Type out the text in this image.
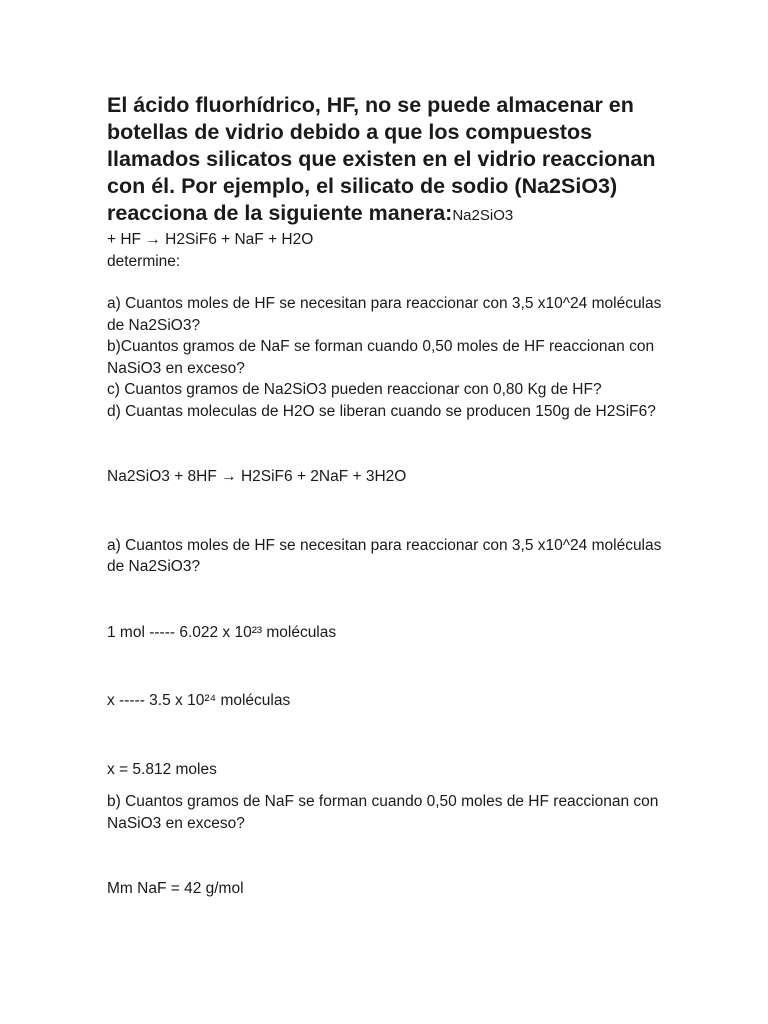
El ácido fluorhídrico, HF, no se puede almacenar en botellas de vidrio debido a que los compuestos llamados silicatos que existen en el vidrio reaccionan con él. Por ejemplo, el silicato de sodio (Na2SiO3) reacciona de la siguiente manera:Na2SiO3

+ HF → H2SiF6 + NaF + H2O

determine:

a) Cuantos moles de HF se necesitan para reaccionar con 3,5 x10^24 moléculas de Na2SiO3?

b)Cuantos gramos de NaF se forman cuando 0,50 moles de HF reaccionan con NaSiO3 en exceso?

c) Cuantos gramos de Na2SiO3 pueden reaccionar con 0,80 Kg de HF?

d) Cuantas moleculas de H2O se liberan cuando se producen 150g de H2SiF6?

Na2SiO3 + 8HF → H2SiF6 + 2NaF + 3H2O

a) Cuantos moles de HF se necesitan para reaccionar con 3,5 x10^24 moléculas de Na2SiO3?

1 mol ----- 6.022 x 10²³ moléculas

x ----- 3.5 x 10²⁴ moléculas

x = 5.812 moles

b) Cuantos gramos de NaF se forman cuando 0,50 moles de HF reaccionan con NaSiO3 en exceso?

Mm NaF = 42 g/mol
